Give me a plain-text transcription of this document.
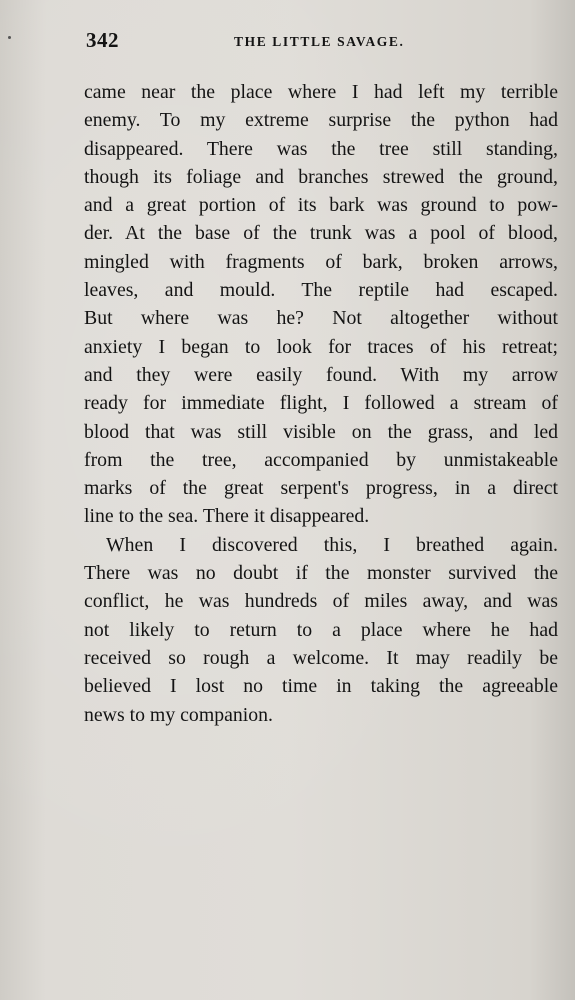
342	THE LITTLE SAVAGE.
came near the place where I had left my terrible
enemy. To my extreme surprise the python had
disappeared. There was the tree still standing,
though its foliage and branches strewed the ground,
and a great portion of its bark was ground to pow-
der. At the base of the trunk was a pool of blood,
mingled with fragments of bark, broken arrows,
leaves, and mould. The reptile had escaped.
But where was he? Not altogether without
anxiety I began to look for traces of his retreat;
and they were easily found. With my arrow
ready for immediate flight, I followed a stream of
blood that was still visible on the grass, and led
from the tree, accompanied by unmistakeable
marks of the great serpent's progress, in a direct
line to the sea. There it disappeared.
When I discovered this, I breathed again.
There was no doubt if the monster survived the
conflict, he was hundreds of miles away, and was
not likely to return to a place where he had
received so rough a welcome. It may readily be
believed I lost no time in taking the agreeable
news to my companion.
